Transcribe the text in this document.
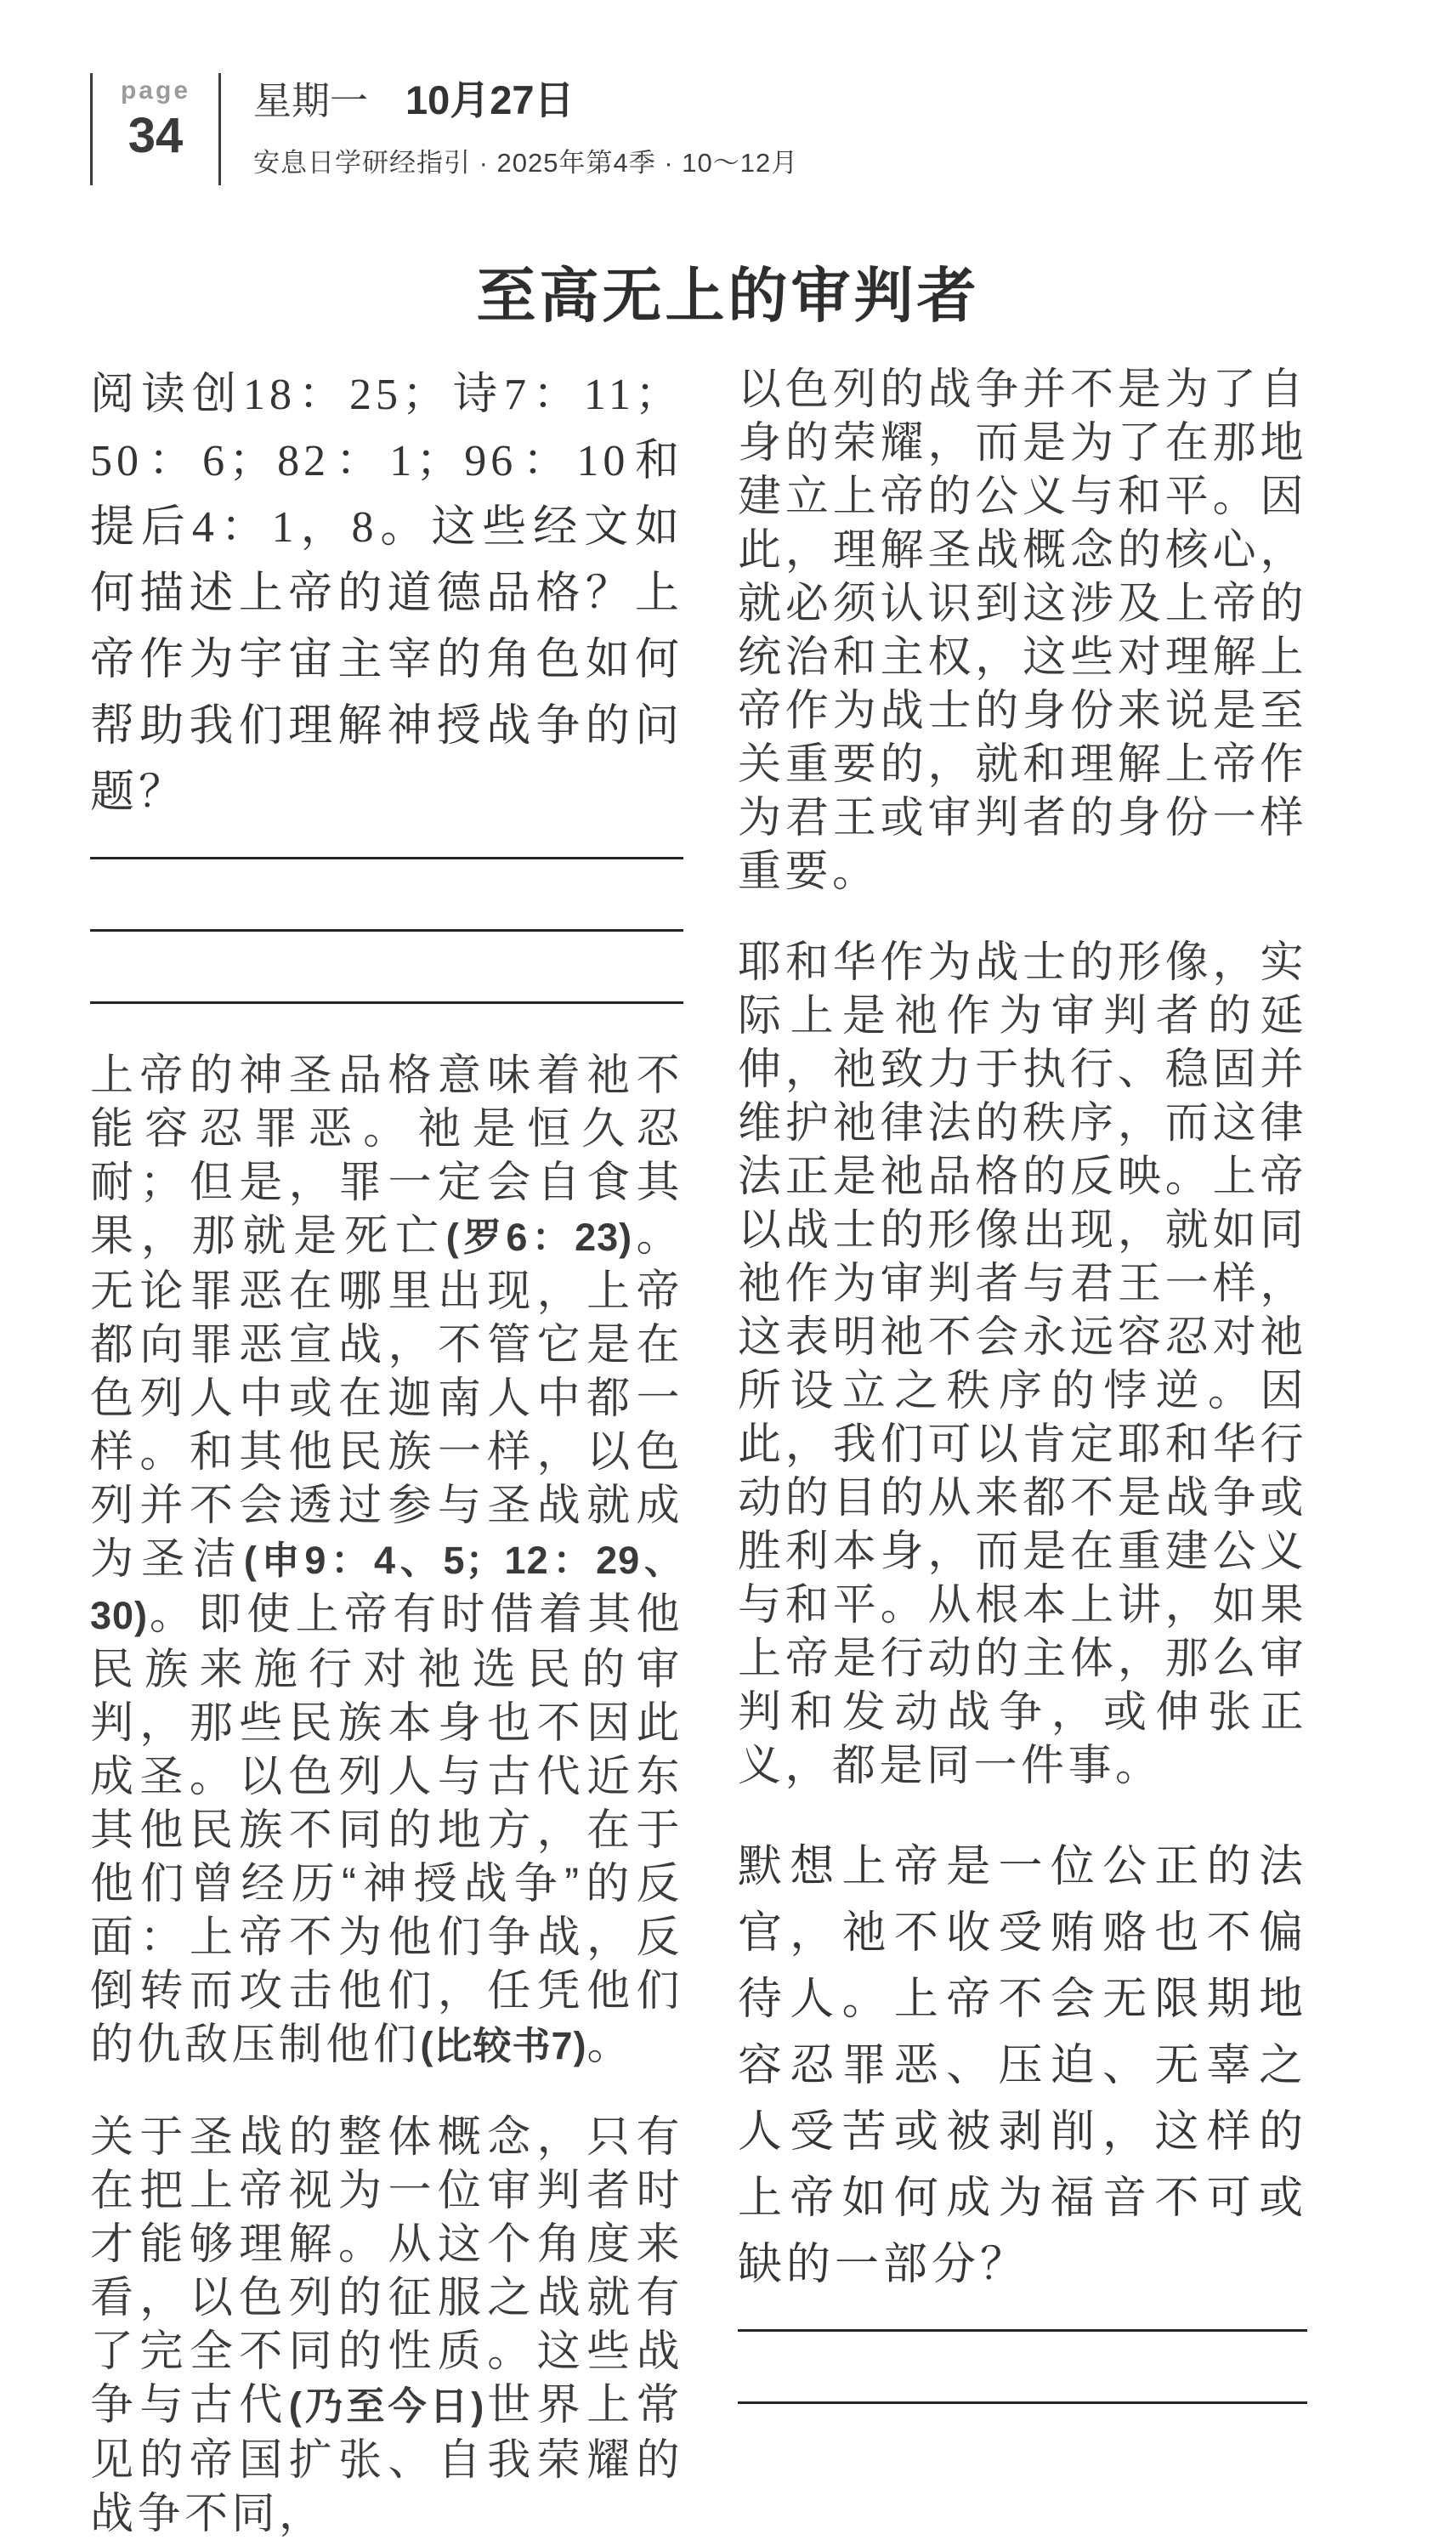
page
34
星期一 10月27日
安息日学研经指引 · 2025年第4季 · 10～12月
至高无上的审判者

阅读创18：25；诗7：11；50：6；82：1；96：10和提后4：1，8。这些经文如何描述上帝的道德品格？上帝作为宇宙主宰的角色如何帮助我们理解神授战争的问题？

上帝的神圣品格意味着祂不能容忍罪恶。祂是恒久忍耐；但是，罪一定会自食其果，那就是死亡(罗6：23)。无论罪恶在哪里出现，上帝都向罪恶宣战，不管它是在色列人中或在迦南人中都一样。和其他民族一样，以色列并不会透过参与圣战就成为圣洁(申9：4、5；12：29、30)。即使上帝有时借着其他民族来施行对祂选民的审判，那些民族本身也不因此成圣。以色列人与古代近东其他民族不同的地方，在于他们曾经历“神授战争”的反面：上帝不为他们争战，反倒转而攻击他们，任凭他们的仇敌压制他们(比较书7)。

关于圣战的整体概念，只有在把上帝视为一位审判者时才能够理解。从这个角度来看，以色列的征服之战就有了完全不同的性质。这些战争与古代(乃至今日)世界上常见的帝国扩张、自我荣耀的战争不同，

以色列的战争并不是为了自身的荣耀，而是为了在那地建立上帝的公义与和平。因此，理解圣战概念的核心，就必须认识到这涉及上帝的统治和主权，这些对理解上帝作为战士的身份来说是至关重要的，就和理解上帝作为君王或审判者的身份一样重要。

耶和华作为战士的形像，实际上是祂作为审判者的延伸，祂致力于执行、稳固并维护祂律法的秩序，而这律法正是祂品格的反映。上帝以战士的形像出现，就如同祂作为审判者与君王一样，这表明祂不会永远容忍对祂所设立之秩序的悖逆。因此，我们可以肯定耶和华行动的目的从来都不是战争或胜利本身，而是在重建公义与和平。从根本上讲，如果上帝是行动的主体，那么审判和发动战争，或伸张正义，都是同一件事。

默想上帝是一位公正的法官，祂不收受贿赂也不偏待人。上帝不会无限期地容忍罪恶、压迫、无辜之人受苦或被剥削，这样的上帝如何成为福音不可或缺的一部分？
